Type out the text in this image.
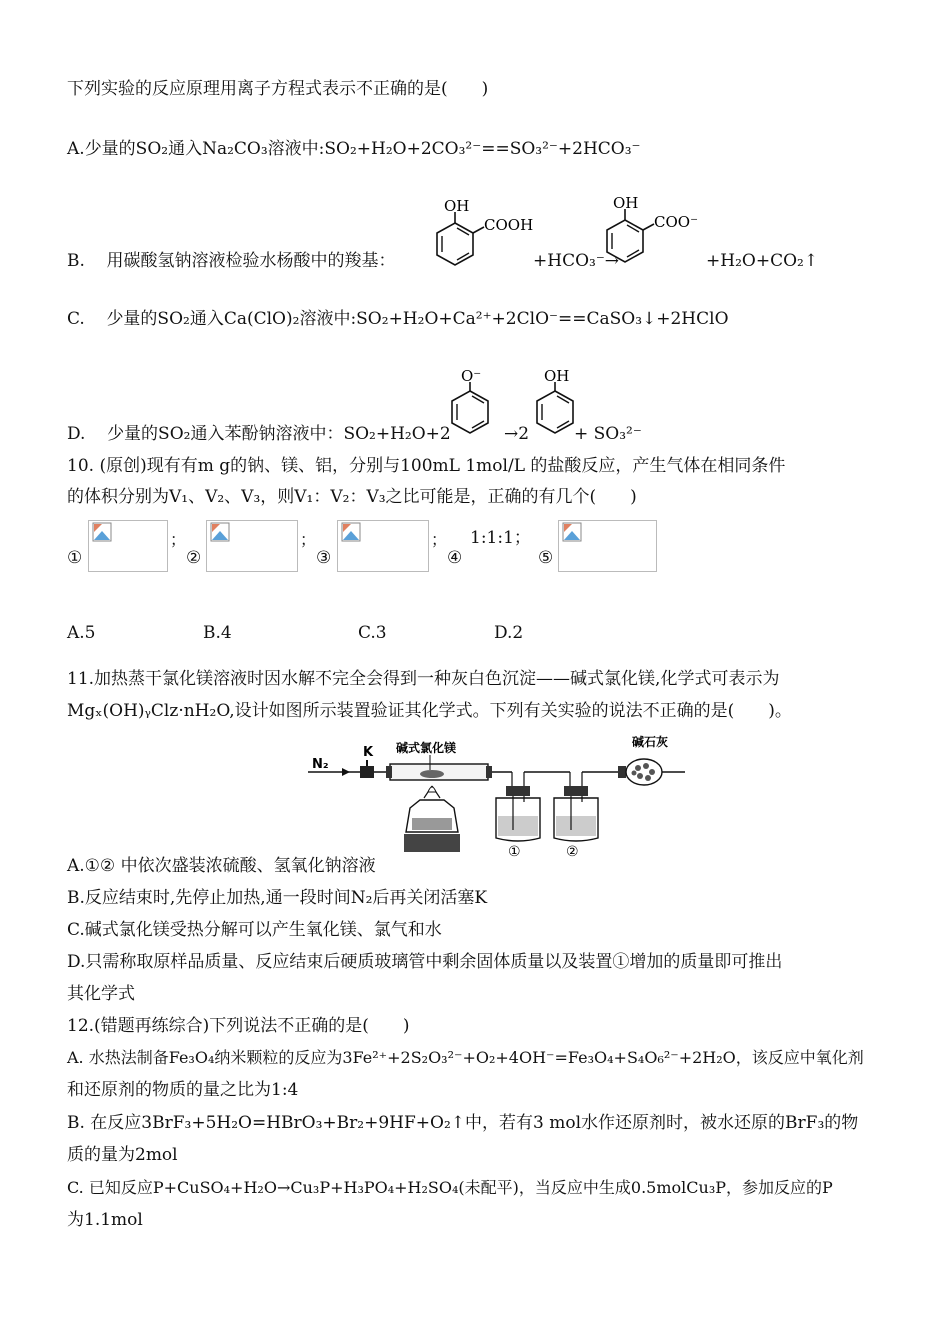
下列实验的反应原理用离子方程式表示不正确的是(　　)
A.少量的SO₂通入Na₂CO₃溶液中:SO₂+H₂O+2CO₃²⁻==SO₃²⁻+2HCO₃⁻
B. 用碳酸氢钠溶液检验水杨酸中的羧基：
OH
COOH
+HCO₃⁻→
OH
COO⁻
+H₂O+CO₂↑
C. 少量的SO₂通入Ca(ClO)₂溶液中:SO₂+H₂O+Ca²⁺+2ClO⁻==CaSO₃↓+2HClO
D. 少量的SO₂通入苯酚钠溶液中：SO₂+H₂O+2
O⁻
→2
OH
+ SO₃²⁻
10. (原创)现有有m g的钠、镁、铝，分别与100mL 1mol/L 的盐酸反应，产生气体在相同条件
的体积分别为V₁、V₂、V₃，则V₁：V₂：V₃之比可能是，正确的有几个(　　)
①
；
②
；
③
；
④
1:1:1；
⑤
A.5	B.4	C.3	D.2
11.加热蒸干氯化镁溶液时因水解不完全会得到一种灰白色沉淀——碱式氯化镁,化学式可表示为
Mgₓ(OH)ᵧClz·nH₂O,设计如图所示装置验证其化学式。下列有关实验的说法不正确的是(　　)。
N₂
K 碱式氯化镁
①	②
碱石灰
A.①② 中依次盛装浓硫酸、氢氧化钠溶液
B.反应结束时,先停止加热,通一段时间N₂后再关闭活塞K
C.碱式氯化镁受热分解可以产生氧化镁、氯气和水
D.只需称取原样品质量、反应结束后硬质玻璃管中剩余固体质量以及装置①增加的质量即可推出
其化学式
12.(错题再练综合)下列说法不正确的是(　　)
A. 水热法制备Fe₃O₄纳米颗粒的反应为3Fe²⁺+2S₂O₃²⁻+O₂+4OH⁻=Fe₃O₄+S₄O₆²⁻+2H₂O，该反应中氧化剂
和还原剂的物质的量之比为1:4
B. 在反应3BrF₃+5H₂O=HBrO₃+Br₂+9HF+O₂↑中，若有3 mol水作还原剂时，被水还原的BrF₃的物
质的量为2mol
C. 已知反应P+CuSO₄+H₂O→Cu₃P+H₃PO₄+H₂SO₄(未配平)，当反应中生成0.5molCu₃P，参加反应的P
为1.1mol
